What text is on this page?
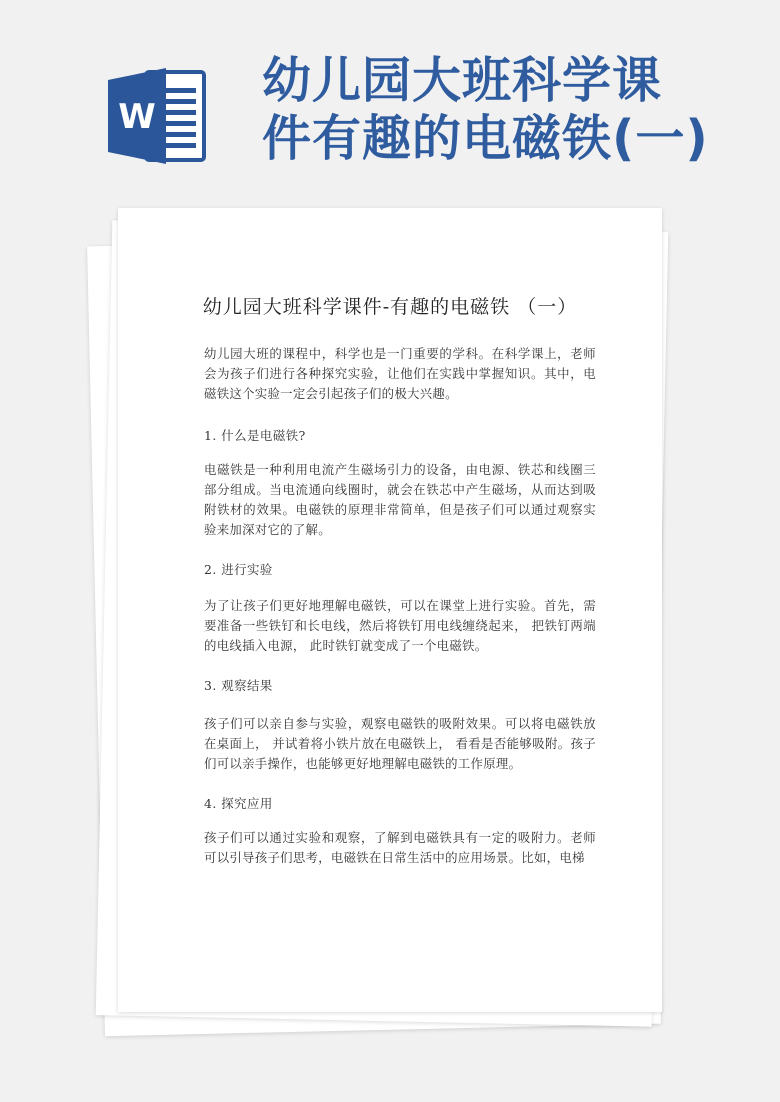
W
幼儿园大班科学课
件有趣的电磁铁(一)
幼儿园大班科学课件-有趣的电磁铁 （一）
幼儿园大班的课程中，科学也是一门重要的学科。在科学课上，老师会为孩子们进行各种探究实验，让他们在实践中掌握知识。其中，电磁铁这个实验一定会引起孩子们的极大兴趣。
1. 什么是电磁铁?
电磁铁是一种利用电流产生磁场引力的设备，由电源、铁芯和线圈三部分组成。当电流通向线圈时，就会在铁芯中产生磁场，从而达到吸附铁材的效果。电磁铁的原理非常简单，但是孩子们可以通过观察实验来加深对它的了解。
2. 进行实验
为了让孩子们更好地理解电磁铁，可以在课堂上进行实验。首先，需要准备一些铁钉和长电线，然后将铁钉用电线缠绕起来， 把铁钉两端的电线插入电源， 此时铁钉就变成了一个电磁铁。
3. 观察结果
孩子们可以亲自参与实验，观察电磁铁的吸附效果。可以将电磁铁放在桌面上， 并试着将小铁片放在电磁铁上， 看看是否能够吸附。孩子们可以亲手操作，也能够更好地理解电磁铁的工作原理。
4. 探究应用
孩子们可以通过实验和观察，了解到电磁铁具有一定的吸附力。老师可以引导孩子们思考，电磁铁在日常生活中的应用场景。比如，电梯
